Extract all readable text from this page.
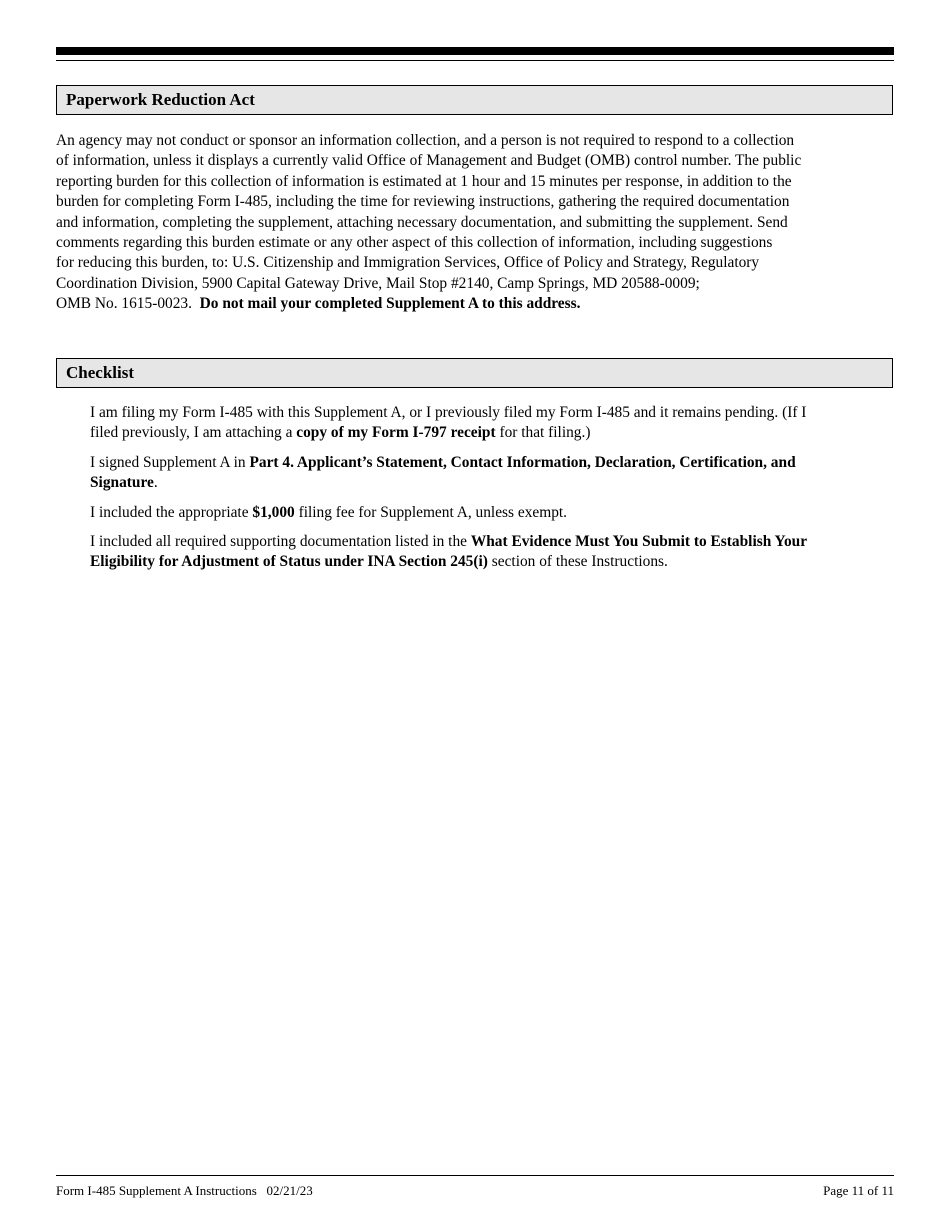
Paperwork Reduction Act
An agency may not conduct or sponsor an information collection, and a person is not required to respond to a collection
of information, unless it displays a currently valid Office of Management and Budget (OMB) control number. The public
reporting burden for this collection of information is estimated at 1 hour and 15 minutes per response, in addition to the
burden for completing Form I-485, including the time for reviewing instructions, gathering the required documentation
and information, completing the supplement, attaching necessary documentation, and submitting the supplement. Send
comments regarding this burden estimate or any other aspect of this collection of information, including suggestions
for reducing this burden, to: U.S. Citizenship and Immigration Services, Office of Policy and Strategy, Regulatory
Coordination Division, 5900 Capital Gateway Drive, Mail Stop #2140, Camp Springs, MD 20588-0009;
OMB No. 1615-0023.  Do not mail your completed Supplement A to this address.
Checklist
I am filing my Form I-485 with this Supplement A, or I previously filed my Form I-485 and it remains pending. (If I
filed previously, I am attaching a copy of my Form I-797 receipt for that filing.)
I signed Supplement A in Part 4. Applicant’s Statement, Contact Information, Declaration, Certification, and
Signature.
I included the appropriate $1,000 filing fee for Supplement A, unless exempt.
I included all required supporting documentation listed in the What Evidence Must You Submit to Establish Your
Eligibility for Adjustment of Status under INA Section 245(i) section of these Instructions.
Form I-485 Supplement A Instructions 02/21/23	Page 11 of 11
